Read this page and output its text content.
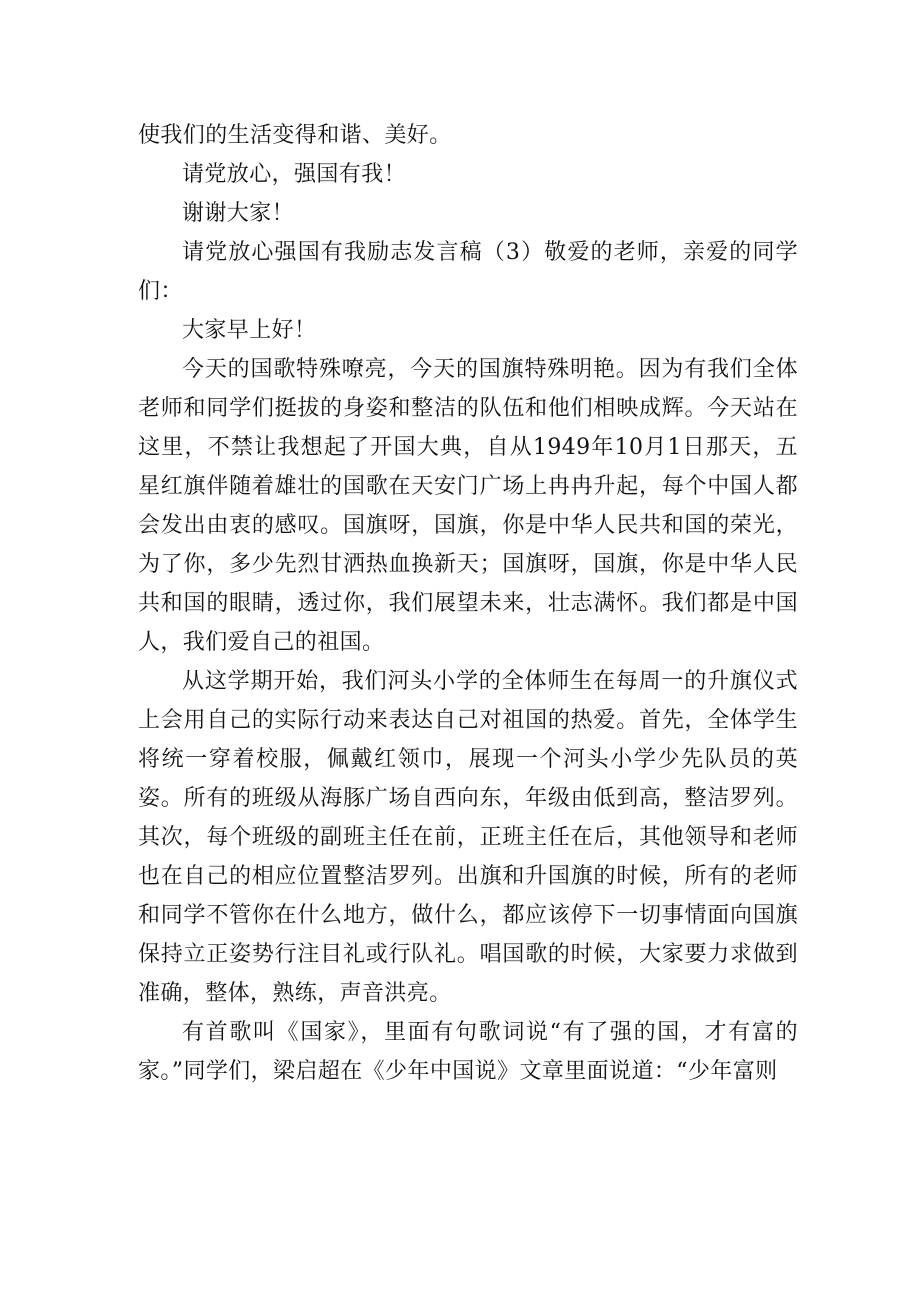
使我们的生活变得和谐、美好。

请党放心，强国有我！

谢谢大家！

请党放心强国有我励志发言稿（3）敬爱的老师，亲爱的同学们：

大家早上好！

今天的国歌特殊嘹亮，今天的国旗特殊明艳。因为有我们全体老师和同学们挺拔的身姿和整洁的队伍和他们相映成辉。今天站在这里，不禁让我想起了开国大典，自从1949年10月1日那天，五星红旗伴随着雄壮的国歌在天安门广场上冉冉升起，每个中国人都会发出由衷的感叹。国旗呀，国旗，你是中华人民共和国的荣光，为了你，多少先烈甘洒热血换新天；国旗呀，国旗，你是中华人民共和国的眼睛，透过你，我们展望未来，壮志满怀。我们都是中国人，我们爱自己的祖国。

从这学期开始，我们河头小学的全体师生在每周一的升旗仪式上会用自己的实际行动来表达自己对祖国的热爱。首先，全体学生将统一穿着校服，佩戴红领巾，展现一个河头小学少先队员的英姿。所有的班级从海豚广场自西向东，年级由低到高，整洁罗列。其次，每个班级的副班主任在前，正班主任在后，其他领导和老师也在自己的相应位置整洁罗列。出旗和升国旗的时候，所有的老师和同学不管你在什么地方，做什么，都应该停下一切事情面向国旗保持立正姿势行注目礼或行队礼。唱国歌的时候，大家要力求做到准确，整体，熟练，声音洪亮。

有首歌叫《国家》，里面有句歌词说“有了强的国，才有富的家。”同学们，梁启超在《少年中国说》文章里面说道：“少年富则
